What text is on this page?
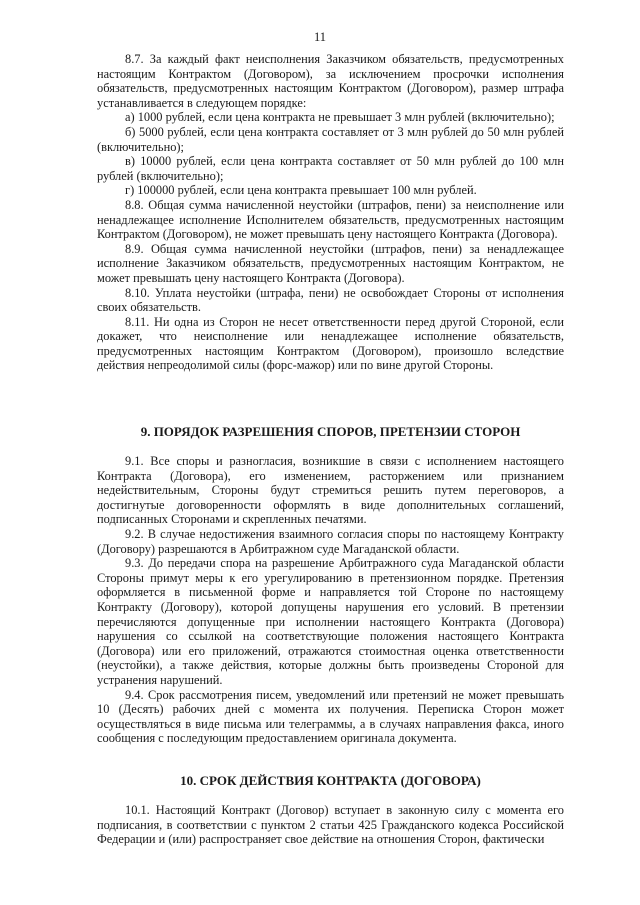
11

8.7. За каждый факт неисполнения Заказчиком обязательств, предусмотренных настоящим Контрактом (Договором), за исключением просрочки исполнения обязательств, предусмотренных настоящим Контрактом (Договором), размер штрафа устанавливается в следующем порядке:

а) 1000 рублей, если цена контракта не превышает 3 млн рублей (включительно);

б) 5000 рублей, если цена контракта составляет от 3 млн рублей до 50 млн рублей (включительно);

в) 10000 рублей, если цена контракта составляет от 50 млн рублей до 100 млн рублей (включительно);

г) 100000 рублей, если цена контракта превышает 100 млн рублей.

8.8. Общая сумма начисленной неустойки (штрафов, пени) за неисполнение или ненадлежащее исполнение Исполнителем обязательств, предусмотренных настоящим Контрактом (Договором), не может превышать цену настоящего Контракта (Договора).

8.9. Общая сумма начисленной неустойки (штрафов, пени) за ненадлежащее исполнение Заказчиком обязательств, предусмотренных настоящим Контрактом, не может превышать цену настоящего Контракта (Договора).

8.10. Уплата неустойки (штрафа, пени) не освобождает Стороны от исполнения своих обязательств.

8.11. Ни одна из Сторон не несет ответственности перед другой Стороной, если докажет, что неисполнение или ненадлежащее исполнение обязательств, предусмотренных настоящим Контрактом (Договором), произошло вследствие действия непреодолимой силы (форс-мажор) или по вине другой Стороны.

9. ПОРЯДОК РАЗРЕШЕНИЯ СПОРОВ, ПРЕТЕНЗИИ СТОРОН

9.1. Все споры и разногласия, возникшие в связи с исполнением настоящего Контракта (Договора), его изменением, расторжением или признанием недействительным, Стороны будут стремиться решить путем переговоров, а достигнутые договоренности оформлять в виде дополнительных соглашений, подписанных Сторонами и скрепленных печатями.

9.2. В случае недостижения взаимного согласия споры по настоящему Контракту (Договору) разрешаются в Арбитражном суде Магаданской области.

9.3. До передачи спора на разрешение Арбитражного суда Магаданской области Стороны примут меры к его урегулированию в претензионном порядке. Претензия оформляется в письменной форме и направляется той Стороне по настоящему Контракту (Договору), которой допущены нарушения его условий. В претензии перечисляются допущенные при исполнении настоящего Контракта (Договора) нарушения со ссылкой на соответствующие положения настоящего Контракта (Договора) или его приложений, отражаются стоимостная оценка ответственности (неустойки), а также действия, которые должны быть произведены Стороной для устранения нарушений.

9.4. Срок рассмотрения писем, уведомлений или претензий не может превышать 10 (Десять) рабочих дней с момента их получения. Переписка Сторон может осуществляться в виде письма или телеграммы, а в случаях направления факса, иного сообщения с последующим предоставлением оригинала документа.

10. СРОК ДЕЙСТВИЯ КОНТРАКТА (ДОГОВОРА)

10.1. Настоящий Контракт (Договор) вступает в законную силу с момента его подписания, в соответствии с пунктом 2 статьи 425 Гражданского кодекса Российской Федерации и (или) распространяет свое действие на отношения Сторон, фактически
